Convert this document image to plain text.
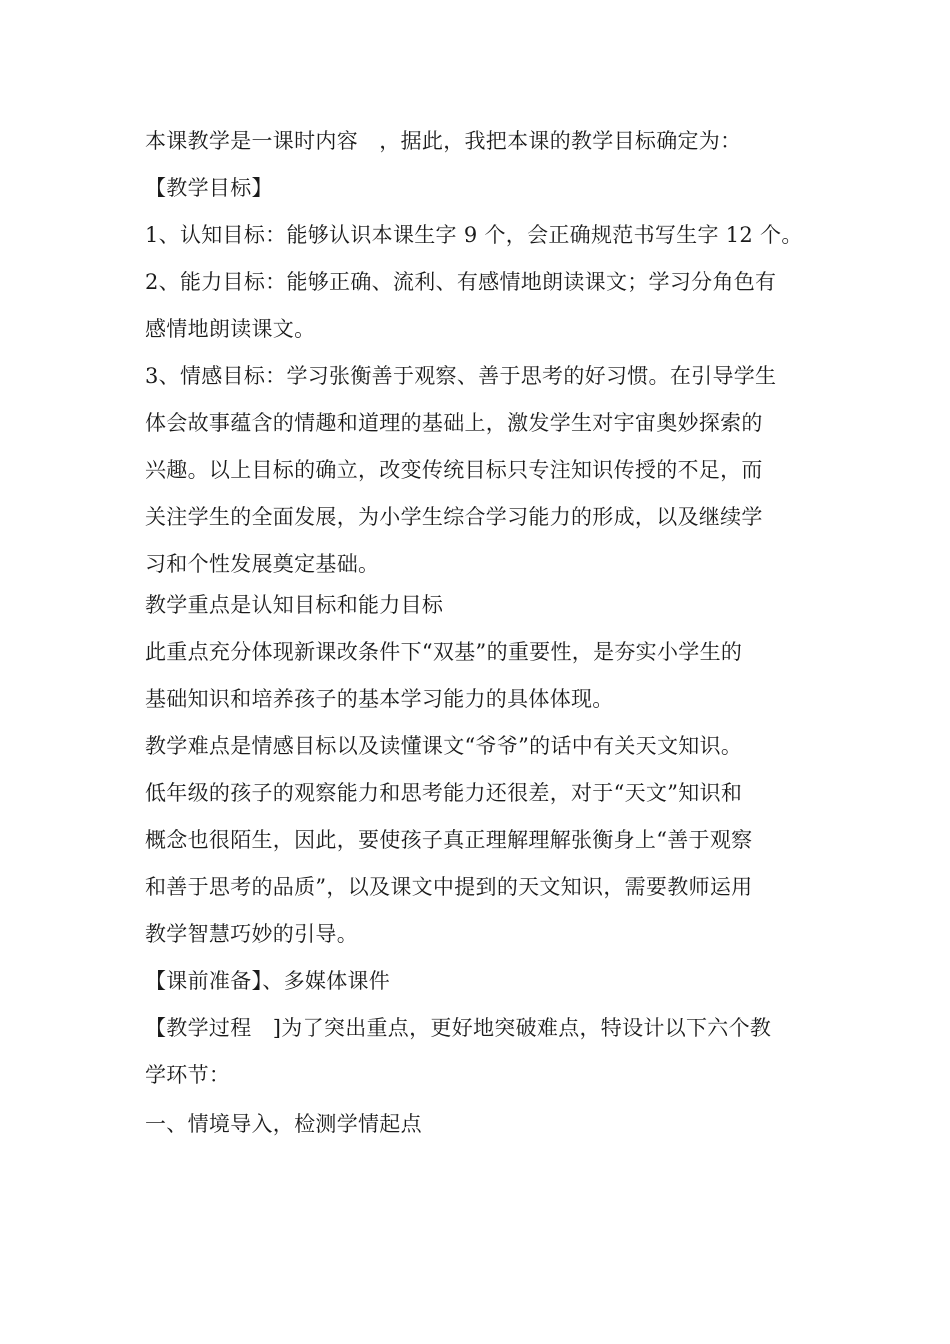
本课教学是一课时内容　，据此，我把本课的教学目标确定为：
【教学目标】
1、认知目标：能够认识本课生字 9 个，会正确规范书写生字 12 个。
2、能力目标：能够正确、流利、有感情地朗读课文；学习分角色有
感情地朗读课文。
3、情感目标：学习张衡善于观察、善于思考的好习惯。在引导学生
体会故事蕴含的情趣和道理的基础上，激发学生对宇宙奥妙探索的
兴趣。以上目标的确立，改变传统目标只专注知识传授的不足，而
关注学生的全面发展，为小学生综合学习能力的形成，以及继续学
习和个性发展奠定基础。
教学重点是认知目标和能力目标
此重点充分体现新课改条件下“双基”的重要性，是夯实小学生的
基础知识和培养孩子的基本学习能力的具体体现。
教学难点是情感目标以及读懂课文“爷爷”的话中有关天文知识。
低年级的孩子的观察能力和思考能力还很差，对于“天文”知识和
概念也很陌生，因此，要使孩子真正理解理解张衡身上“善于观察
和善于思考的品质”，以及课文中提到的天文知识，需要教师运用
教学智慧巧妙的引导。
【课前准备】、多媒体课件
【教学过程　]为了突出重点，更好地突破难点，特设计以下六个教
学环节：
一、情境导入，检测学情起点
